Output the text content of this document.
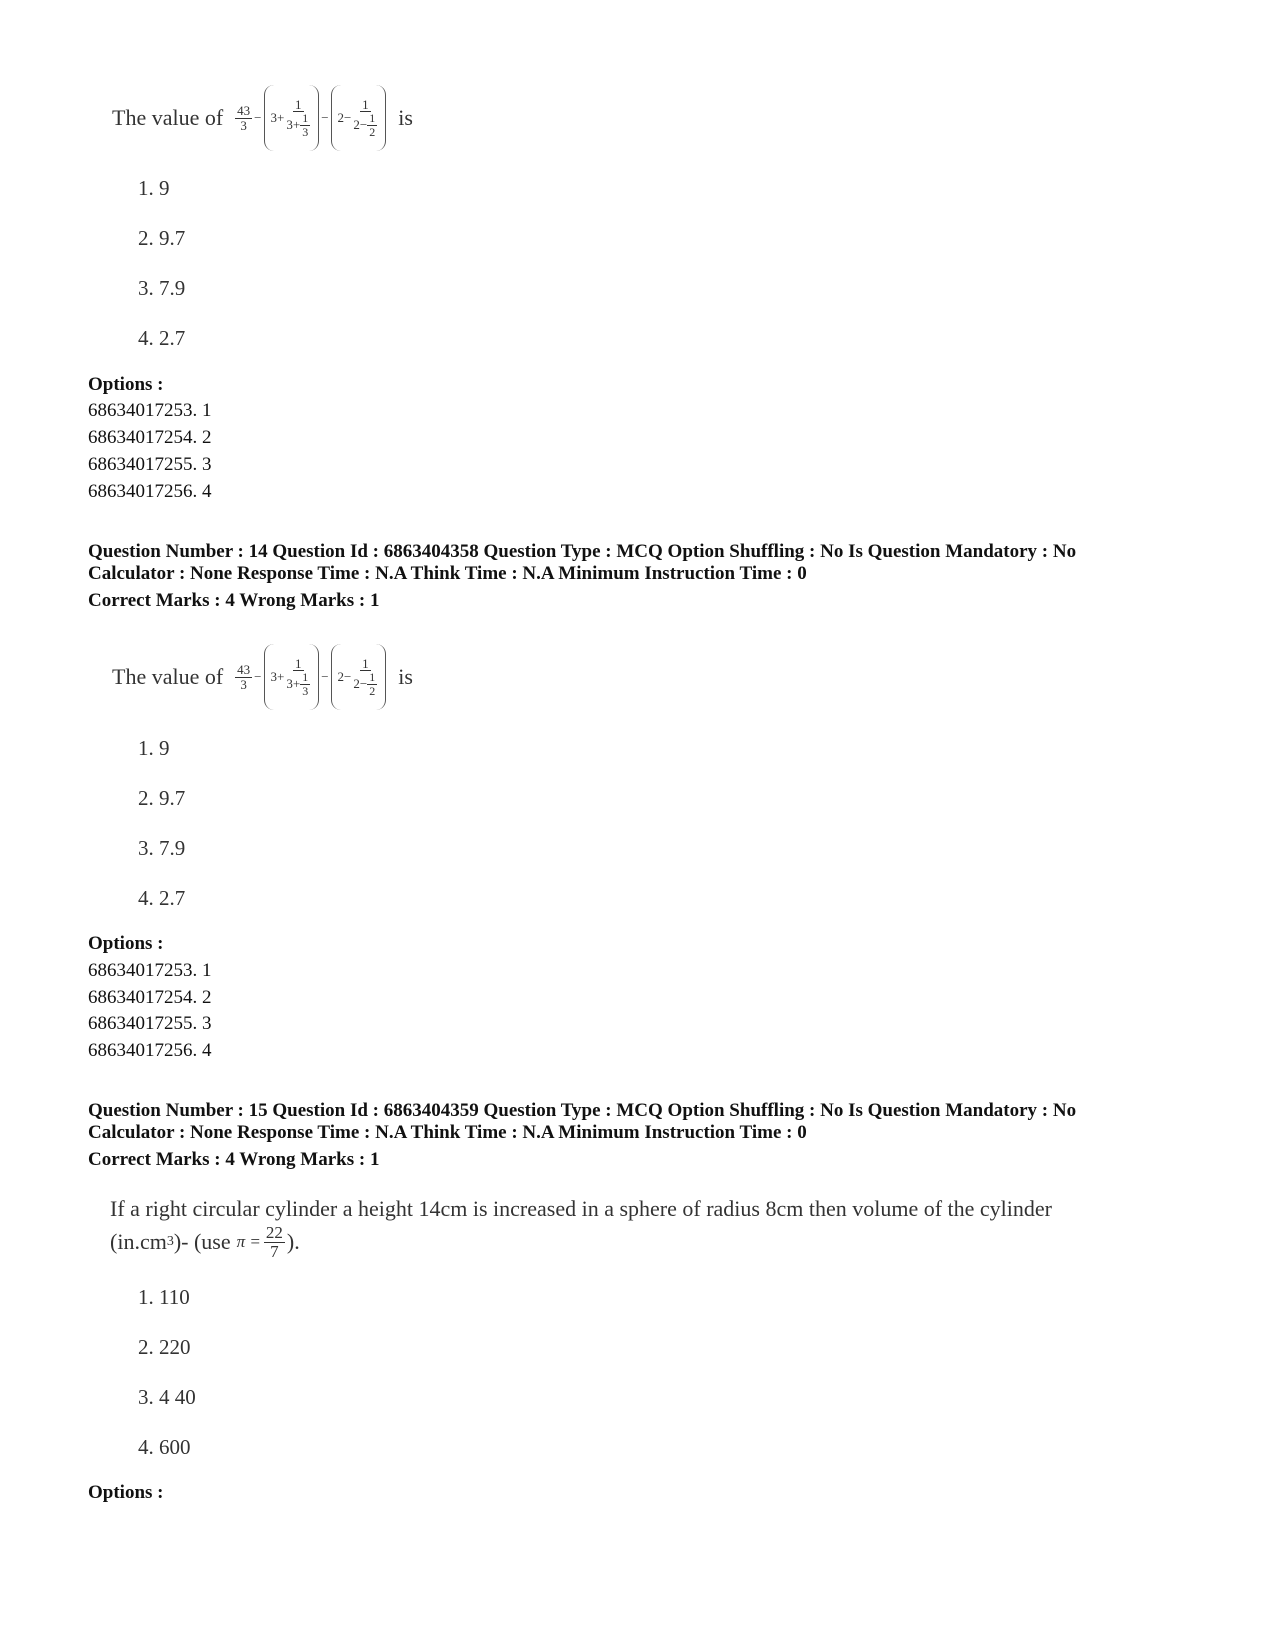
The value of $\frac{43}{3} - 3+ \frac{1}{3+ \frac{1}{3}} - 2- \frac{1}{2- \frac{1}{2}}$ is
1. 9
2. 9.7
3. 7.9
4. 2.7
Options :
68634017253. 1
68634017254. 2
68634017255. 3
68634017256. 4
Question Number : 14 Question Id : 6863404358 Question Type : MCQ Option Shuffling : No Is Question Mandatory : No
Calculator : None Response Time : N.A Think Time : N.A Minimum Instruction Time : 0
Correct Marks : 4 Wrong Marks : 1
The value of $\frac{43}{3} - 3+ \frac{1}{3+ \frac{1}{3}} - 2- \frac{1}{2- \frac{1}{2}}$ is
1. 9
2. 9.7
3. 7.9
4. 2.7
Options :
68634017253. 1
68634017254. 2
68634017255. 3
68634017256. 4
Question Number : 15 Question Id : 6863404359 Question Type : MCQ Option Shuffling : No Is Question Mandatory : No
Calculator : None Response Time : N.A Think Time : N.A Minimum Instruction Time : 0
Correct Marks : 4 Wrong Marks : 1
If a right circular cylinder a height 14cm is increased in a sphere of radius 8cm then volume of the cylinder
(in.cm 3 )- (use $\pi = \frac{22}{7}$ ).
1. 110
2. 220
3. 4 40
4. 600
Options :
